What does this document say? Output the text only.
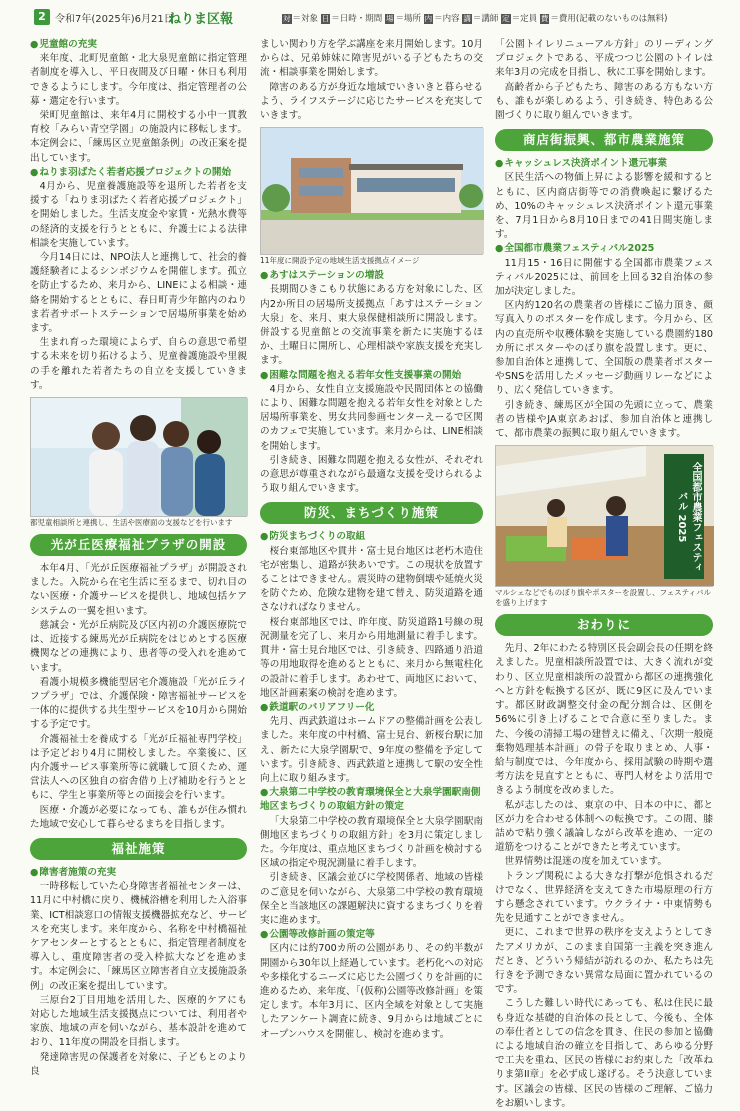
2 令和7年(2025年)6月21日
ねりま区報	対 ＝対象 日 ＝日時・期間 場 ＝場所 内 ＝内容 講 ＝講師 定 ＝定員 費 ＝費用(記載のないものは無料)
● 児童館の充実

来年度、北町児童館・北大泉児童館に指定管理者制度を導入し、平日夜間及び日曜・休日も利用できるようにします。今年度は、指定管理者の公募・選定を行います。

栄町児童館は、来年4月に開校する小中一貫教育校「みらい青空学園」の施設内に移転します。本定例会に、「練馬区立児童館条例」の改正案を提出しています。

● ねりま羽ばたく若者応援プロジェクトの開始

4月から、児童養護施設等を退所した若者を支援する「ねりま羽ばたく若者応援プロジェクト」を開始しました。生活支度金や家賃・光熱水費等の経済的支援を行うとともに、弁護士による法律相談を実施しています。

今月14日には、NPO法人と連携して、社会的養護経験者によるシンポジウムを開催します。孤立を防止するため、来月から、LINEによる相談・連絡を開始するとともに、春日町青少年館内のねりま若者サポートステーションで居場所事業を始めます。

生まれ育った環境によらず、自らの意思で希望する未来を切り拓けるよう、児童養護施設や里親の手を離れた若者たちの自立を支援していきます。

都児童相談所と連携し、生活や医療面の支援などを行います
光が丘医療福祉プラザの開設

本年4月、「光が丘医療福祉プラザ」が開設されました。入院から在宅生活に至るまで、切れ目のない医療・介護サービスを提供し、地域包括ケアシステムの一翼を担います。

慈誠会・光が丘病院及び区内初の介護医療院では、近接する練馬光が丘病院をはじめとする医療機関などの連携により、患者等の受入れを進めています。

看護小規模多機能型居宅介護施設「光が丘ライフプラザ」では、介護保険・障害福祉サービスを一体的に提供する共生型サービスを10月から開始する予定です。

介護福祉士を養成する「光が丘福祉専門学校」は予定どおり4月に開校しました。卒業後に、区内介護サービス事業所等に就職して頂くため、運営法人への区独自の宿舎借り上げ補助を行うとともに、学生と事業所等との面接会を行います。

医療・介護が必要になっても、誰もが住み慣れた地域で安心して暮らせるまちを目指します。

福祉施策
● 障害者施策の充実

一時移転していた心身障害者福祉センターは、11月に中村橋に戻り、機械浴槽を利用した入浴事業、ICT相談窓口の情報支援機器拡充など、サービスを充実します。来年度から、名称を中村橋福祉ケアセンターとするとともに、指定管理者制度を導入し、重度障害者の受入枠拡大などを進めます。本定例会に、「練馬区立障害者自立支援施設条例」の改正案を提出しています。

三原台2丁目用地を活用した、医療的ケアにも対応した地域生活支援拠点については、利用者や家族、地域の声を伺いながら、基本設計を進めており、11年度の開設を目指します。

発達障害児の保護者を対象に、子どもとのより良

ましい関わり方を学ぶ講座を来月開始します。10月からは、兄弟姉妹に障害児がいる子どもたちの交流・相談事業を開始します。

障害のある方が身近な地域でいきいきと暮らせるよう、ライフステージに応じたサービスを充実していきます。

11年度に開設予定の地域生活支援拠点イメージ
● あすはステーションの増設

長期間ひきこもり状態にある方を対象にした、区内2か所目の居場所支援拠点「あすはステーション大泉」を、来月、東大泉保健相談所に開設します。併設する児童館との交流事業を新たに実施するほか、土曜日に開所し、心理相談や家族支援を充実します。

● 困難な問題を抱える若年女性支援事業の開始

4月から、女性自立支援施設や民間団体との協働により、困難な問題を抱える若年女性を対象とした居場所事業を、男女共同参画センターえーるで区関のカフェで実施しています。来月からは、LINE相談を開始します。

引き続き、困難な問題を抱える女性が、それぞれの意思が尊重されながら最適な支援を受けられるよう取り組んでいきます。

防災、まちづくり施策
● 防災まちづくりの取組

桜台東部地区や貫井・富士見台地区は老朽木造住宅が密集し、道路が狭あいです。この現状を放置することはできません。震災時の建物倒壊や延焼火災を防ぐため、危険な建物を建て替え、防災道路を通さなければなりません。

桜台東部地区では、昨年度、防災道路1号線の現況測量を完了し、来月から用地測量に着手します。貫井・富士見台地区では、引き続き、四路通り沿道等の用地取得を進めるとともに、来月から無電柱化の設計に着手します。あわせて、両地区において、地区計画素案の検討を進めます。

● 鉄道駅のバリアフリー化

先月、西武鉄道はホームドアの整備計画を公表しました。来年度の中村橋、富士見台、新桜台駅に加え、新たに大泉学園駅で、9年度の整備を予定しています。引き続き、西武鉄道と連携して駅の安全性向上に取り組みます。

● 大泉第二中学校の教育環境保全と大泉学園駅南側地区まちづくりの取組方針の策定

「大泉第二中学校の教育環境保全と大泉学園駅南側地区まちづくりの取組方針」を3月に策定しました。今年度は、重点地区まちづくり計画を検討する区域の指定や現況測量に着手します。

引き続き、区議会並びに学校関係者、地域の皆様のご意見を伺いながら、大泉第二中学校の教育環境保全と当該地区の課題解決に資するまちづくりを着実に進めます。

● 公園等改修計画の策定等

区内には約700カ所の公園があり、その約半数が開園から30年以上経過しています。老朽化への対応や多様化するニーズに応じた公園づくりを計画的に進めるため、来年度、「(仮称)公園等改修計画」を策定します。本年3月に、区内全域を対象として実施したアンケート調査に続き、9月からは地域ごとにオープンハウスを開催し、検討を進めます。

「公園トイレリニューアル方針」のリーディングプロジェクトである、平成つつじ公園のトイレは来年3月の完成を目指し、秋に工事を開始します。

高齢者から子どもたち、障害のある方もない方も、誰もが楽しめるよう、引き続き、特色ある公園づくりに取り組んでいきます。

商店街振興、都市農業施策
● キャッシュレス決済ポイント還元事業

区民生活への物価上昇による影響を緩和するとともに、区内商店街等での消費喚起に繋げるため、10%のキャッシュレス決済ポイント還元事業を、7月1日から8月10日までの41日間実施します。

● 全国都市農業フェスティバル2025

11月15・16日に開催する全国都市農業フェスティバル2025には、前回を上回る32自治体の参加が決定しました。

区内約120名の農業者の皆様にご協力頂き、顔写真入りのポスターを作成します。今月から、区内の直売所や収穫体験を実施している農園約180カ所にポスターやのぼり旗を設置します。更に、参加自治体と連携して、全国版の農業者ポスターやSNSを活用したメッセージ動画リレーなどにより、広く発信していきます。

引き続き、練馬区が全国の先頭に立って、農業者の皆様やJA東京あおば、参加自治体と連携して、都市農業の振興に取り組んでいきます。

全国都市農業フェスティバル 2025
マルシェなどでものぼり旗やポスターを設置し、フェスティバルを盛り上げます
おわりに

先月、2年にわたる特別区長会副会長の任期を終えました。児童相談所設置では、大きく流れが変わり、区立児童相談所の設置から都区の連携強化へと方針を転換する区が、既に9区に及んでいます。都区財政調整交付金の配分割合は、区側を56%に引き上げることで合意に至りました。また、今後の清掃工場の建替えに備え、「次期一般廃棄物処理基本計画」の骨子を取りまとめ、人事・給与制度では、今年度から、採用試験の時期や選考方法を見直すとともに、専門人材をより活用できるよう制度を改めました。

私が志したのは、東京の中、日本の中に、都と区が力を合わせる体制への転換です。この間、膝詰めで粘り強く議論しながら改革を進め、一定の道筋をつけることができたと考えています。

世界情勢は混迷の度を加えています。

トランプ関税による大きな打撃が危惧されるだけでなく、世界経済を支えてきた市場原理の行方すら懸念されています。ウクライナ・中東情勢も先を見通すことができません。

更に、これまで世界の秩序を支えようとしてきたアメリカが、このまま自国第一主義を突き進んだとき、どういう帰結が訪れるのか、私たちは先行きを予測できない異常な局面に置かれているのです。

こうした難しい時代にあっても、私は住民に最も身近な基礎的自治体の長として、今後も、全体の奉仕者としての信念を貫き、住民の参加と協働による地域自治の確立を目指して、あらゆる分野で工夫を重ね、区民の皆様にお約束した「改革ねりま第II章」を必ず成し遂げる。そう決意しています。区議会の皆様、区民の皆様のご理解、ご協力をお願いします。
